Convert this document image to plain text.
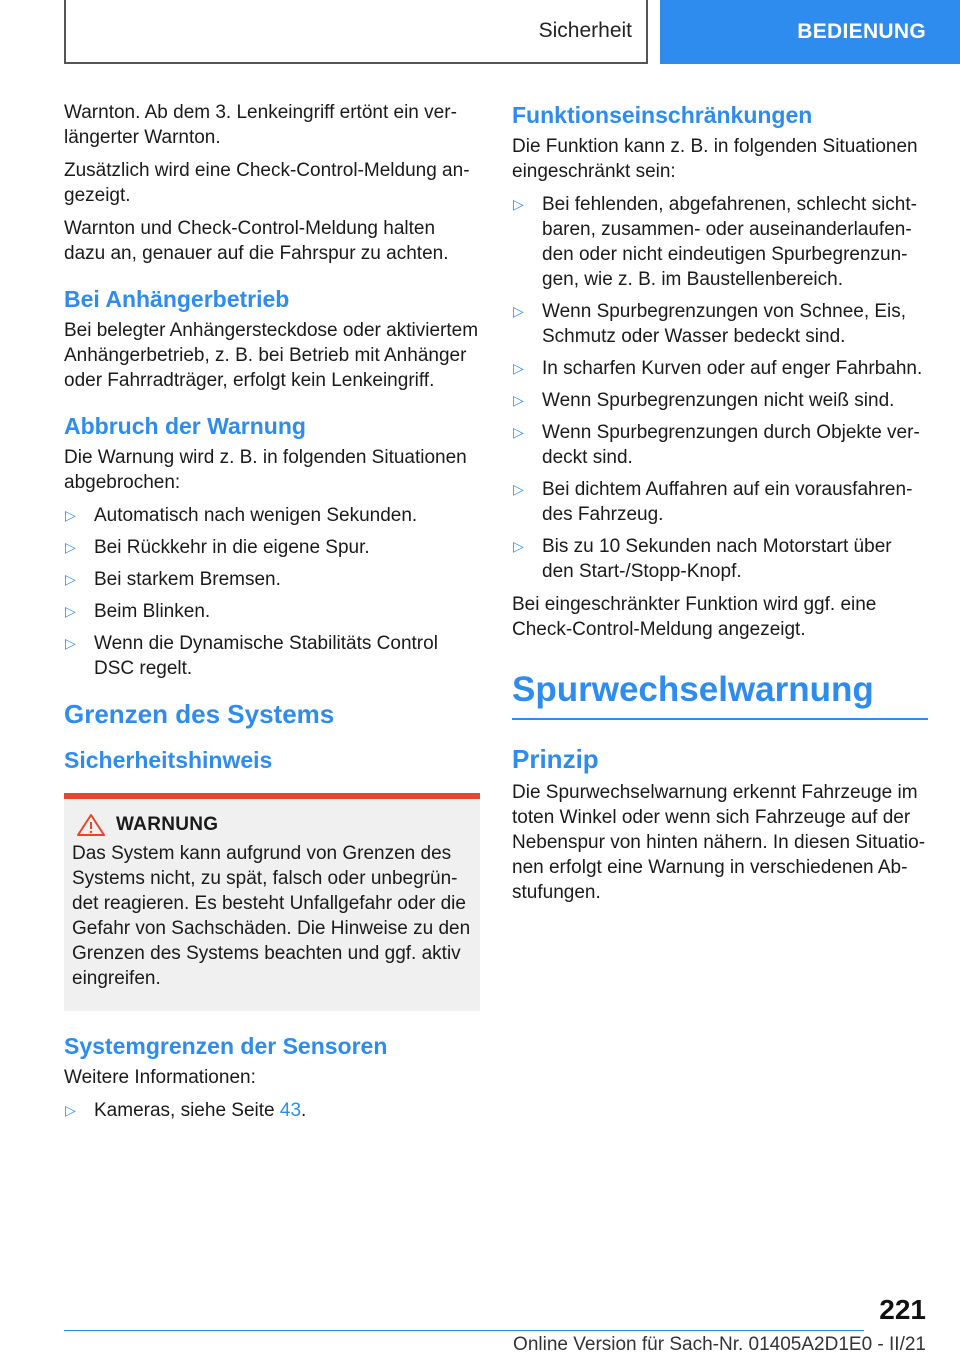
Sicherheit	BEDIENUNG

Warnton. Ab dem 3. Lenkeingriff ertönt ein verlängerter Warnton.

Zusätzlich wird eine Check-Control-Meldung angezeigt.

Warnton und Check-Control-Meldung halten dazu an, genauer auf die Fahrspur zu achten.

Bei Anhängerbetrieb

Bei belegter Anhängersteckdose oder aktiviertem Anhängerbetrieb, z. B. bei Betrieb mit Anhänger oder Fahrradträger, erfolgt kein Lenkeingriff.

Abbruch der Warnung

Die Warnung wird z. B. in folgenden Situationen abgebrochen:

▷ Automatisch nach wenigen Sekunden.
▷ Bei Rückkehr in die eigene Spur.
▷ Bei starkem Bremsen.
▷ Beim Blinken.
▷ Wenn die Dynamische Stabilitäts Control DSC regelt.
Grenzen des Systems
Sicherheitshinweis
WARNUNG

Das System kann aufgrund von Grenzen des Systems nicht, zu spät, falsch oder unbegründet reagieren. Es besteht Unfallgefahr oder die Gefahr von Sachschäden. Die Hinweise zu den Grenzen des Systems beachten und ggf. aktiv eingreifen.

Systemgrenzen der Sensoren

Weitere Informationen:

▷ Kameras, siehe Seite 43.
Funktionseinschränkungen

Die Funktion kann z. B. in folgenden Situationen eingeschränkt sein:

▷ Bei fehlenden, abgefahrenen, schlecht sichtbaren, zusammen- oder auseinanderlaufenden oder nicht eindeutigen Spurbegrenzungen, wie z. B. im Baustellenbereich.
▷ Wenn Spurbegrenzungen von Schnee, Eis, Schmutz oder Wasser bedeckt sind.
▷ In scharfen Kurven oder auf enger Fahrbahn.
▷ Wenn Spurbegrenzungen nicht weiß sind.
▷ Wenn Spurbegrenzungen durch Objekte verdeckt sind.
▷ Bei dichtem Auffahren auf ein vorausfahrendes Fahrzeug.
▷ Bis zu 10 Sekunden nach Motorstart über den Start-/Stopp-Knopf.

Bei eingeschränkter Funktion wird ggf. eine Check-Control-Meldung angezeigt.

Spurwechselwarnung
Prinzip

Die Spurwechselwarnung erkennt Fahrzeuge im toten Winkel oder wenn sich Fahrzeuge auf der Nebenspur von hinten nähern. In diesen Situationen erfolgt eine Warnung in verschiedenen Abstufungen.

221
Online Version für Sach-Nr. 01405A2D1E0 - II/21
